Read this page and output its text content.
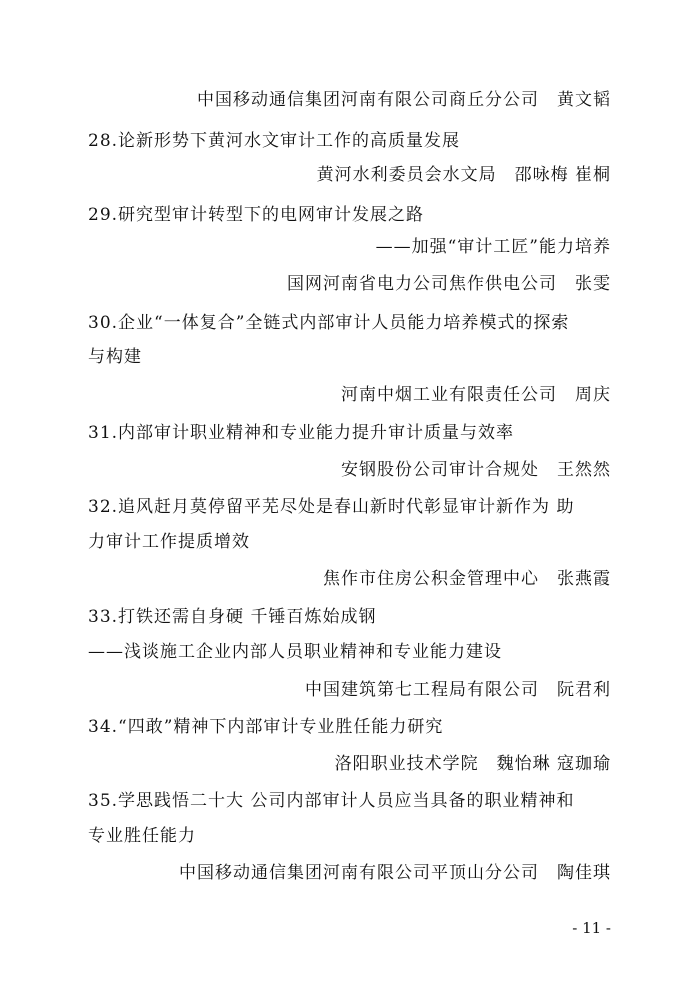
中国移动通信集团河南有限公司商丘分公司 黄文韬
28.论新形势下黄河水文审计工作的高质量发展
黄河水利委员会水文局 邵咏梅 崔桐
29.研究型审计转型下的电网审计发展之路
——加强“审计工匠”能力培养
国网河南省电力公司焦作供电公司 张雯
30.企业“一体复合”全链式内部审计人员能力培养模式的探索
与构建
河南中烟工业有限责任公司 周庆
31.内部审计职业精神和专业能力提升审计质量与效率
安钢股份公司审计合规处 王然然
32.追风赶月莫停留平芜尽处是春山新时代彰显审计新作为 助
力审计工作提质增效
焦作市住房公积金管理中心 张燕霞
33.打铁还需自身硬 千锤百炼始成钢
——浅谈施工企业内部人员职业精神和专业能力建设
中国建筑第七工程局有限公司 阮君利
34.“四敢”精神下内部审计专业胜任能力研究
洛阳职业技术学院 魏怡琳 寇珈瑜
35.学思践悟二十大 公司内部审计人员应当具备的职业精神和
专业胜任能力
中国移动通信集团河南有限公司平顶山分公司 陶佳琪
- 11 -
